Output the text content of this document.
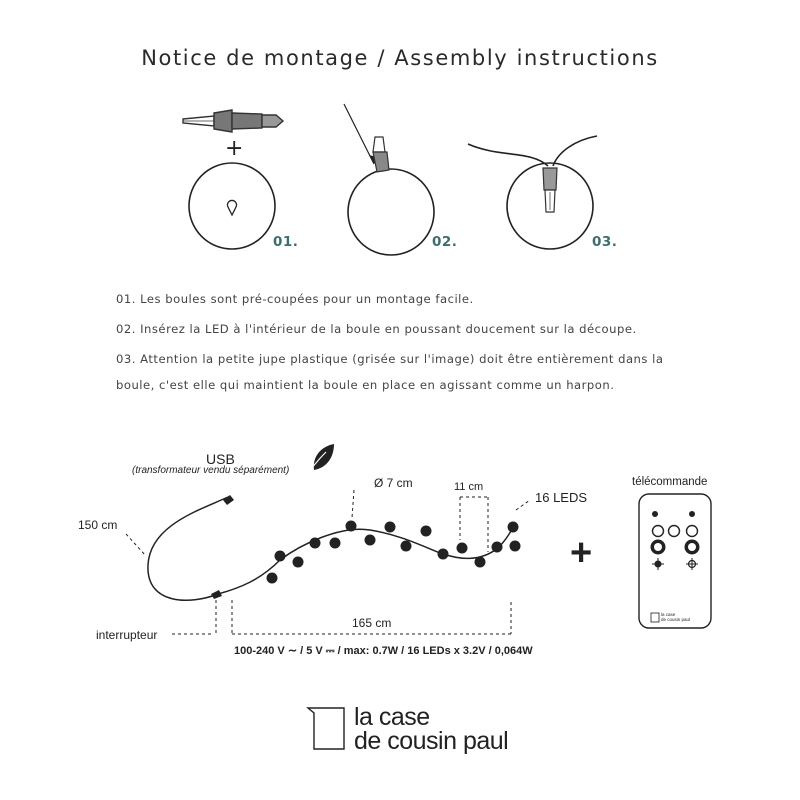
Notice de montage / Assembly instructions
01.	02.	03.
+
01. Les boules sont pré-coupées pour un montage facile.
02. Insérez la LED à l'intérieur de la boule en poussant doucement sur la découpe.
03. Attention la petite jupe plastique (grisée sur l'image) doit être entièrement dans la
boule, c'est elle qui maintient la boule en place en agissant comme un harpon.
USB
(transformateur vendu séparément)
150 cm
interrupteur
Ø 7 cm	11 cm
16 LEDS
165 cm
100-240 V ∼ / 5 V ⎓ / max: 0.7W / 16 LEDs x 3.2V / 0,064W
+
télécommande
la case
de cousin paul
la case
de cousin paul
